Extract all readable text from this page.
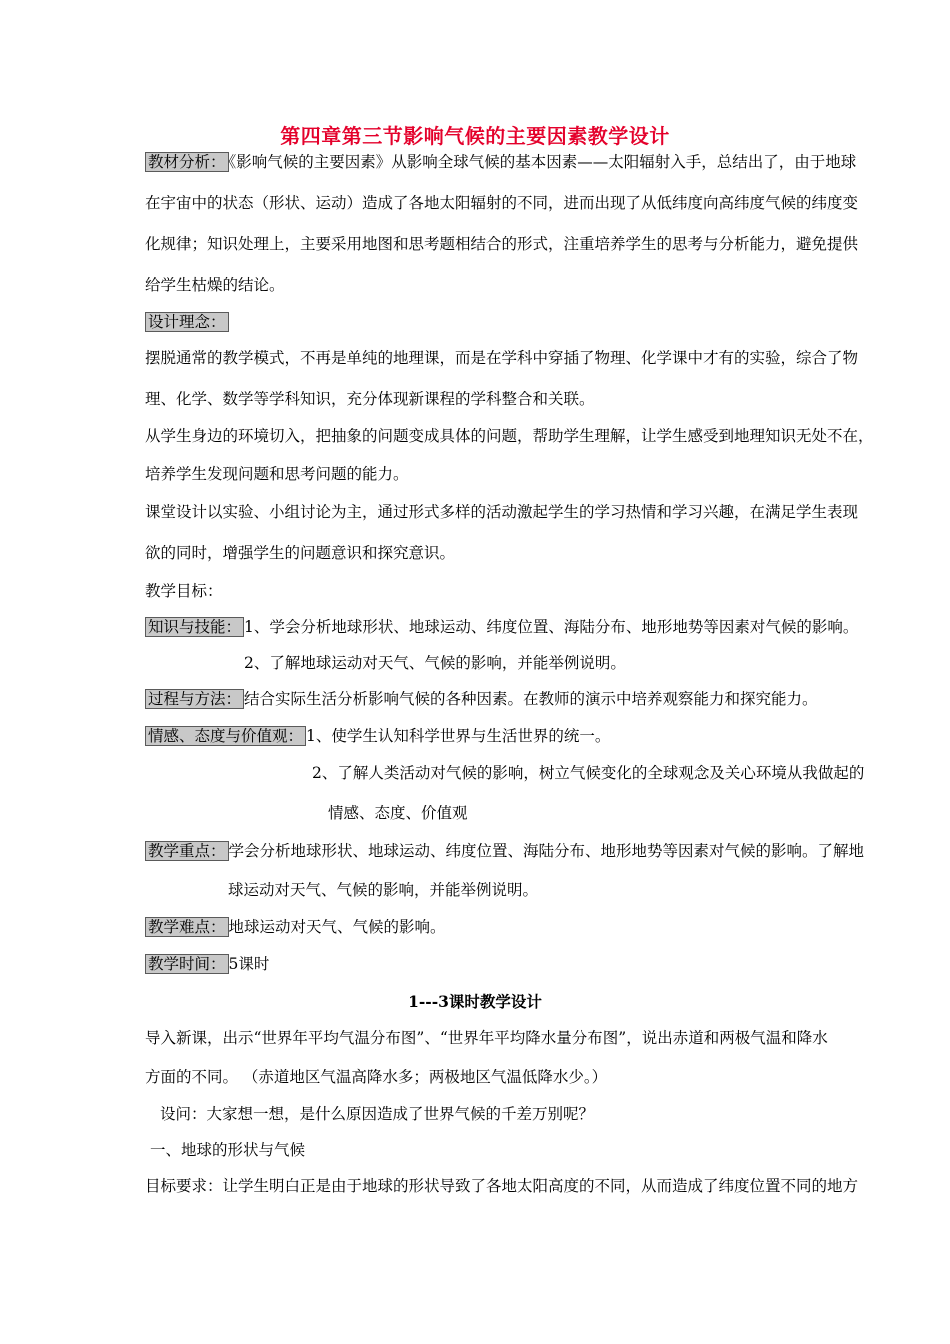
第四章第三节影响气候的主要因素教学设计
教材分析： 《影响气候的主要因素》从影响全球气候的基本因素——太阳辐射入手，总结出了，由于地球
在宇宙中的状态（形状、运动）造成了各地太阳辐射的不同，进而出现了从低纬度向高纬度气候的纬度变
化规律；知识处理上，主要采用地图和思考题相结合的形式，注重培养学生的思考与分析能力，避免提供
给学生枯燥的结论。
设计理念：
摆脱通常的教学模式，不再是单纯的地理课，而是在学科中穿插了物理、化学课中才有的实验，综合了物
理、化学、数学等学科知识，充分体现新课程的学科整合和关联。
从学生身边的环境切入，把抽象的问题变成具体的问题，帮助学生理解，让学生感受到地理知识无处不在，
培养学生发现问题和思考问题的能力。
课堂设计以实验、小组讨论为主，通过形式多样的活动激起学生的学习热情和学习兴趣，在满足学生表现
欲的同时，增强学生的问题意识和探究意识。
教学目标：
知识与技能： 1、学会分析地球形状、地球运动、纬度位置、海陆分布、地形地势等因素对气候的影响。
2、了解地球运动对天气、气候的影响，并能举例说明。
过程与方法： 结合实际生活分析影响气候的各种因素。在教师的演示中培养观察能力和探究能力。
情感、态度与价值观： 1、使学生认知科学世界与生活世界的统一。
2、了解人类活动对气候的影响，树立气候变化的全球观念及关心环境从我做起的
情感、态度、价值观
教学重点： 学会分析地球形状、地球运动、纬度位置、海陆分布、地形地势等因素对气候的影响。了解地
球运动对天气、气候的影响，并能举例说明。
教学难点： 地球运动对天气、气候的影响。
教学时间： 5课时
1---3课时教学设计
导入新课，出示“世界年平均气温分布图”、“世界年平均降水量分布图”，说出赤道和两极气温和降水
方面的不同。 （赤道地区气温高降水多；两极地区气温低降水少。）
设问：大家想一想，是什么原因造成了世界气候的千差万别呢？
一、地球的形状与气候
目标要求：让学生明白正是由于地球的形状导致了各地太阳高度的不同，从而造成了纬度位置不同的地方
